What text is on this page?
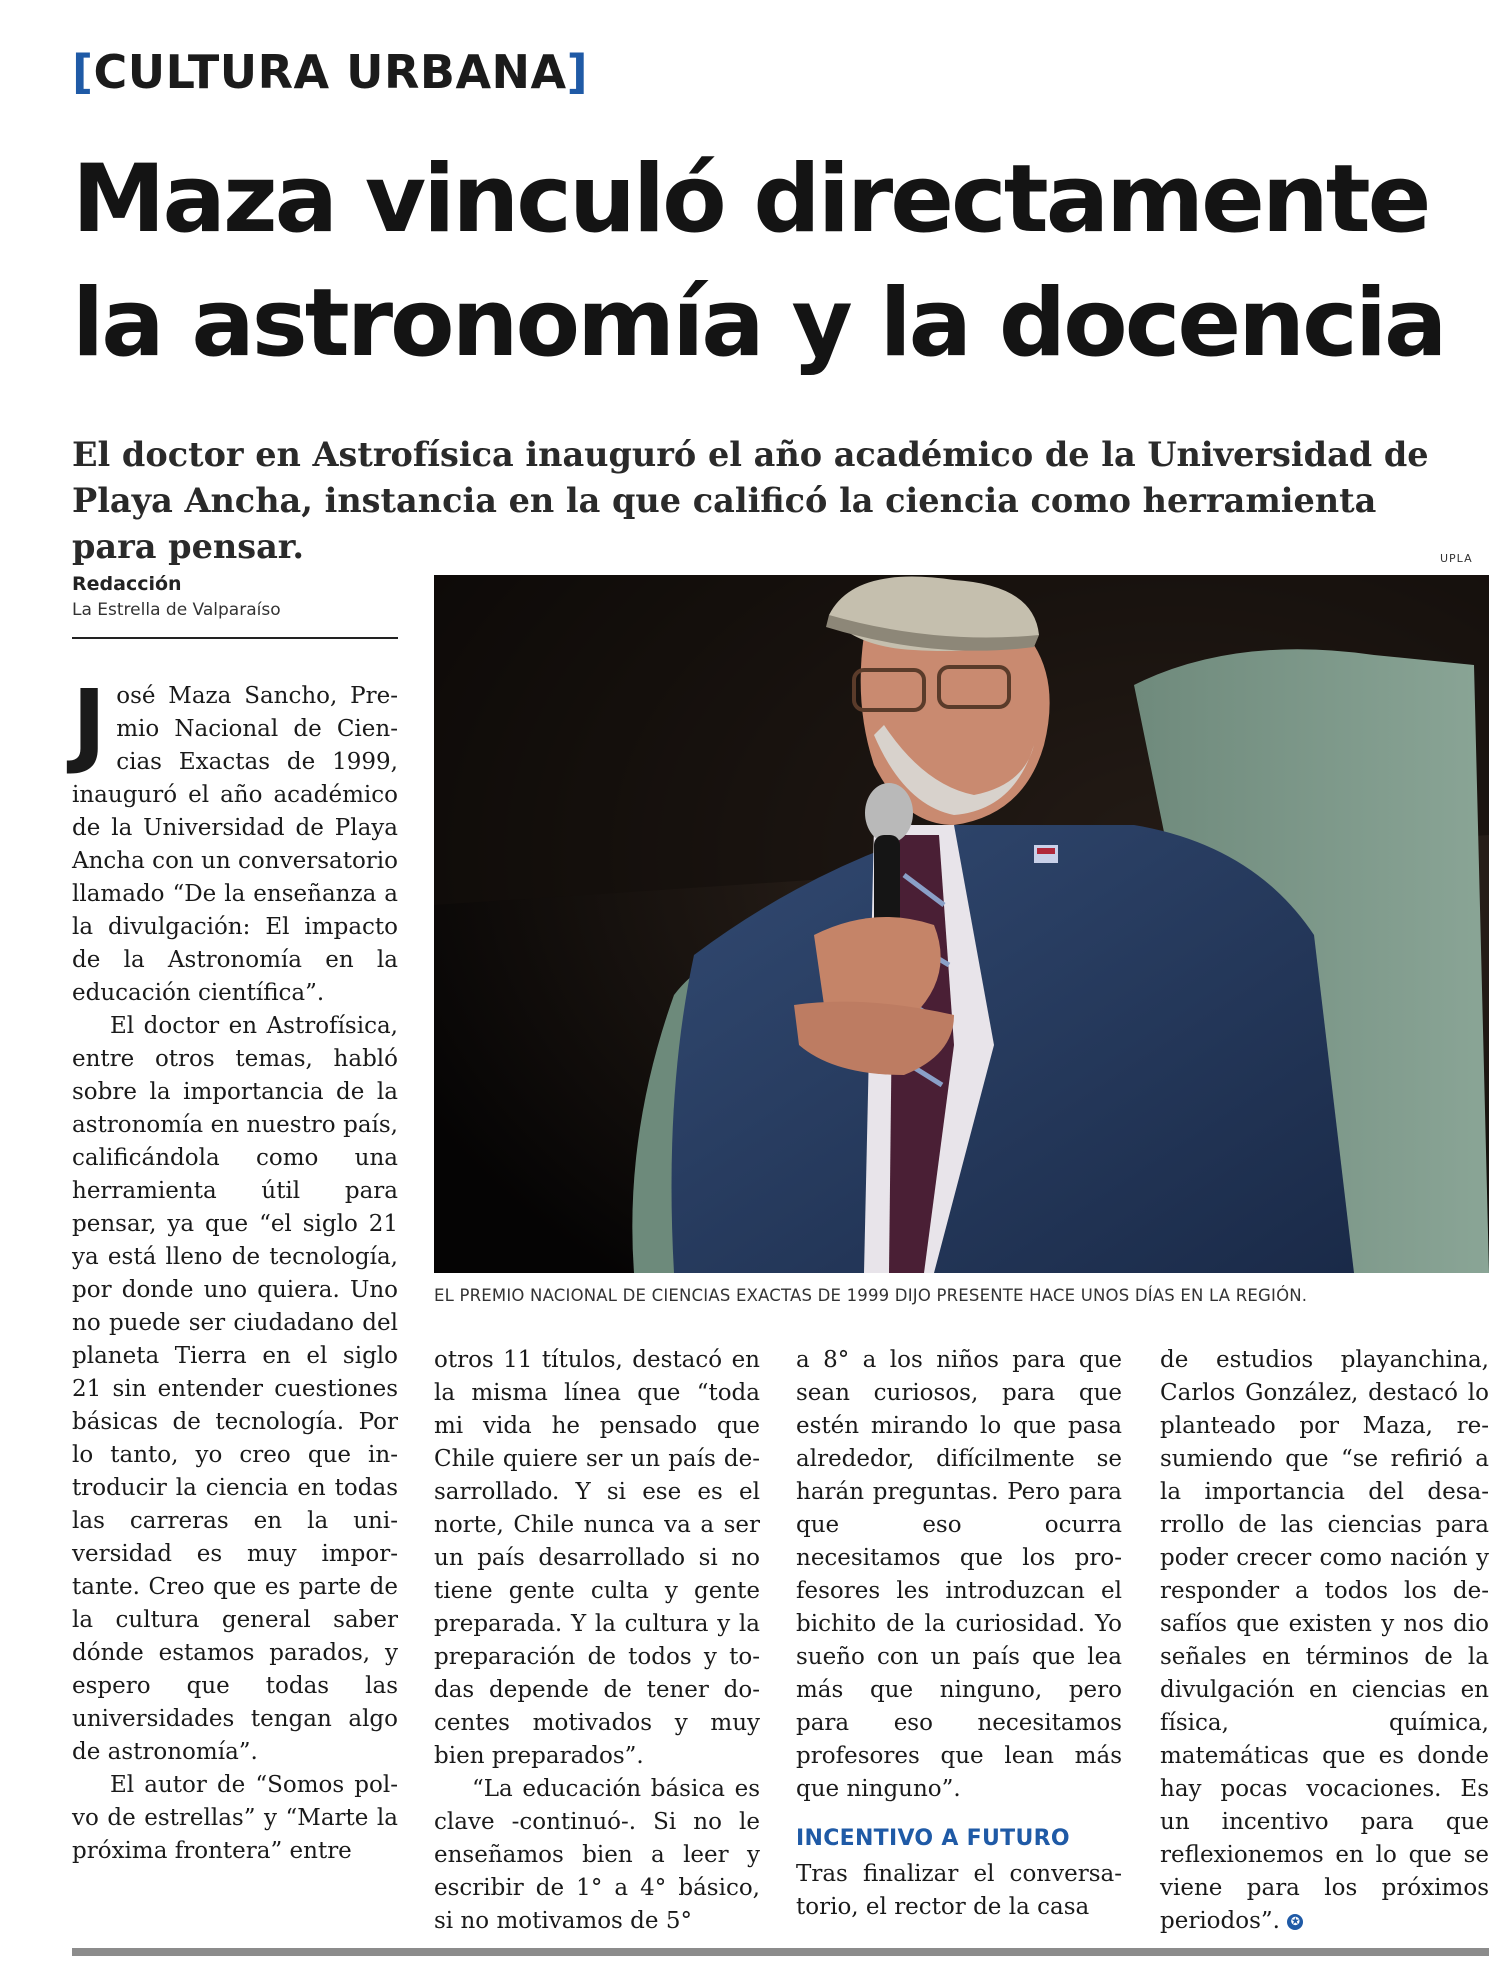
[CULTURA URBANA]
Maza vinculó directamente
la astronomía y la docencia

El doctor en Astrofísica inauguró el año académico de la Universidad de Playa Ancha, instancia en la que calificó la ciencia como herramienta para pensar.	UPLA
Redacción
La Estrella de Valparaíso
EL PREMIO NACIONAL DE CIENCIAS EXACTAS DE 1999 DIJO PRESENTE HACE UNOS DÍAS EN LA REGIÓN.

José Maza Sancho, Premio Nacional de Ciencias Exactas de 1999, inauguró el año académico de la Universidad de Playa Ancha con un conversatorio llamado “De la enseñanza a la divulgación: El impacto de la Astronomía en la educación científica”.

El doctor en Astrofísica, entre otros temas, habló sobre la importancia de la astronomía en nuestro país, calificándola como una herramienta útil para pensar, ya que “el siglo 21 ya está lleno de tecnología, por donde uno quiera. Uno no puede ser ciudadano del planeta Tierra en el siglo 21 sin entender cuestiones básicas de tecnología. Por lo tanto, yo creo que introducir la ciencia en todas las carreras en la universidad es muy importante. Creo que es parte de la cultura general saber dónde estamos parados, y espero que todas las universidades tengan algo de astronomía”.

El autor de “Somos polvo de estrellas” y “Marte la próxima frontera” entre

otros 11 títulos, destacó en la misma línea que “toda mi vida he pensado que Chile quiere ser un país desarrollado. Y si ese es el norte, Chile nunca va a ser un país desarrollado si no tiene gente culta y gente preparada. Y la cultura y la preparación de todos y todas depende de tener docentes motivados y muy bien preparados”.

“La educación básica es clave -continuó-. Si no le enseñamos bien a leer y escribir de 1° a 4° básico, si no motivamos de 5°

a 8° a los niños para que sean curiosos, para que estén mirando lo que pasa alrededor, difícilmente se harán preguntas. Pero para que eso ocurra necesitamos que los profesores les introduzcan el bichito de la curiosidad. Yo sueño con un país que lea más que ninguno, pero para eso necesitamos profesores que lean más que ninguno”.

INCENTIVO A FUTURO

Tras finalizar el conversatorio, el rector de la casa

de estudios playanchina, Carlos González, destacó lo planteado por Maza, resumiendo que “se refirió a la importancia del desarrollo de las ciencias para poder crecer como nación y responder a todos los desafíos que existen y nos dio señales en términos de la divulgación en ciencias en física, química, matemáticas que es donde hay pocas vocaciones. Es un incentivo para que reflexionemos en lo que se viene para los próximos periodos”. ✪
